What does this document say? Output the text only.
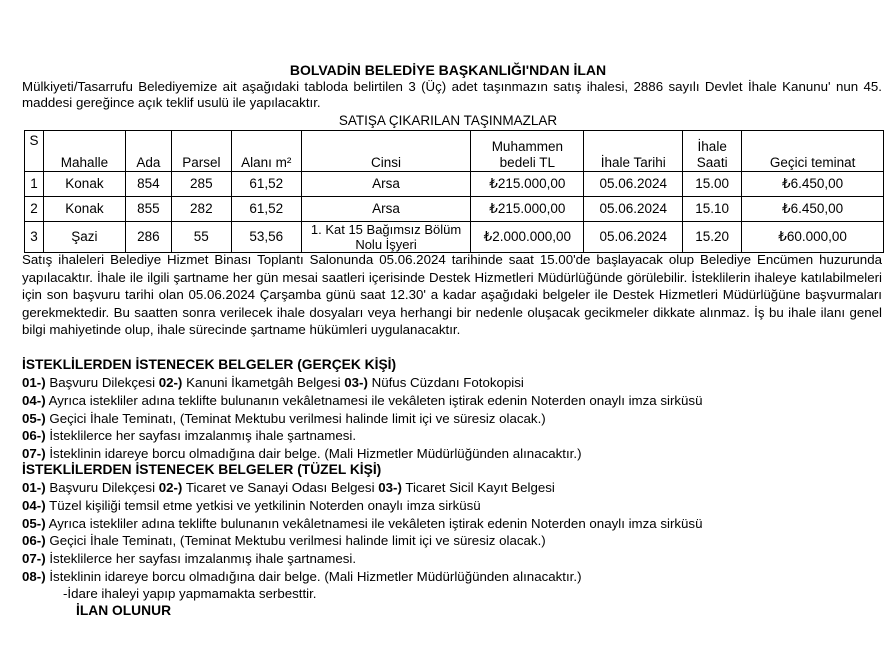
BOLVADİN BELEDİYE BAŞKANLIĞI'NDAN İLAN
Mülkiyeti/Tasarrufu Belediyemize ait aşağıdaki tabloda belirtilen 3 (Üç) adet taşınmazın satış ihalesi, 2886 sayılı Devlet İhale Kanunu' nun 45. maddesi gereğince açık teklif usulü ile yapılacaktır.
SATIŞA ÇIKARILAN TAŞINMAZLAR
S	Mahalle	Ada	Parsel	Alanı m²	Cinsi	Muhammen bedeli TL	İhale Tarihi	İhale Saati	Geçici teminat
1	Konak	854	285	61,52	Arsa	₺215.000,00	05.06.2024	15.00	₺6.450,00
2	Konak	855	282	61,52	Arsa	₺215.000,00	05.06.2024	15.10	₺6.450,00
3	Şazi	286	55	53,56	1. Kat 15 Bağımsız Bölüm Nolu İşyeri	₺2.000.000,00	05.06.2024	15.20	₺60.000,00
Satış ihaleleri Belediye Hizmet Binası Toplantı Salonunda 05.06.2024 tarihinde saat 15.00'de başlayacak olup Belediye Encümen huzurunda yapılacaktır. İhale ile ilgili şartname her gün mesai saatleri içerisinde Destek Hizmetleri Müdürlüğünde görülebilir. İsteklilerin ihaleye katılabilmeleri için son başvuru tarihi olan 05.06.2024 Çarşamba günü saat 12.30' a kadar aşağıdaki belgeler ile Destek Hizmetleri Müdürlüğüne başvurmaları gerekmektedir. Bu saatten sonra verilecek ihale dosyaları veya herhangi bir nedenle oluşacak gecikmeler dikkate alınmaz. İş bu ihale ilanı genel bilgi mahiyetinde olup, ihale sürecinde şartname hükümleri uygulanacaktır.
İSTEKLİLERDEN İSTENECEK BELGELER (GERÇEK KİŞİ)
01-) Başvuru Dilekçesi 02-) Kanuni İkametgâh Belgesi 03-) Nüfus Cüzdanı Fotokopisi
04-) Ayrıca istekliler adına teklifte bulunanın vekâletnamesi ile vekâleten iştirak edenin Noterden onaylı imza sirküsü
05-) Geçici İhale Teminatı, (Teminat Mektubu verilmesi halinde limit içi ve süresiz olacak.)
06-) İsteklilerce her sayfası imzalanmış ihale şartnamesi.
07-) İsteklinin idareye borcu olmadığına dair belge. (Mali Hizmetler Müdürlüğünden alınacaktır.)
İSTEKLİLERDEN İSTENECEK BELGELER (TÜZEL KİŞİ)
01-) Başvuru Dilekçesi 02-) Ticaret ve Sanayi Odası Belgesi 03-) Ticaret Sicil Kayıt Belgesi
04-) Tüzel kişiliği temsil etme yetkisi ve yetkilinin Noterden onaylı imza sirküsü
05-) Ayrıca istekliler adına teklifte bulunanın vekâletnamesi ile vekâleten iştirak edenin Noterden onaylı imza sirküsü
06-) Geçici İhale Teminatı, (Teminat Mektubu verilmesi halinde limit içi ve süresiz olacak.)
07-) İsteklilerce her sayfası imzalanmış ihale şartnamesi.
08-) İsteklinin idareye borcu olmadığına dair belge. (Mali Hizmetler Müdürlüğünden alınacaktır.)
-İdare ihaleyi yapıp yapmamakta serbesttir.
İLAN OLUNUR
